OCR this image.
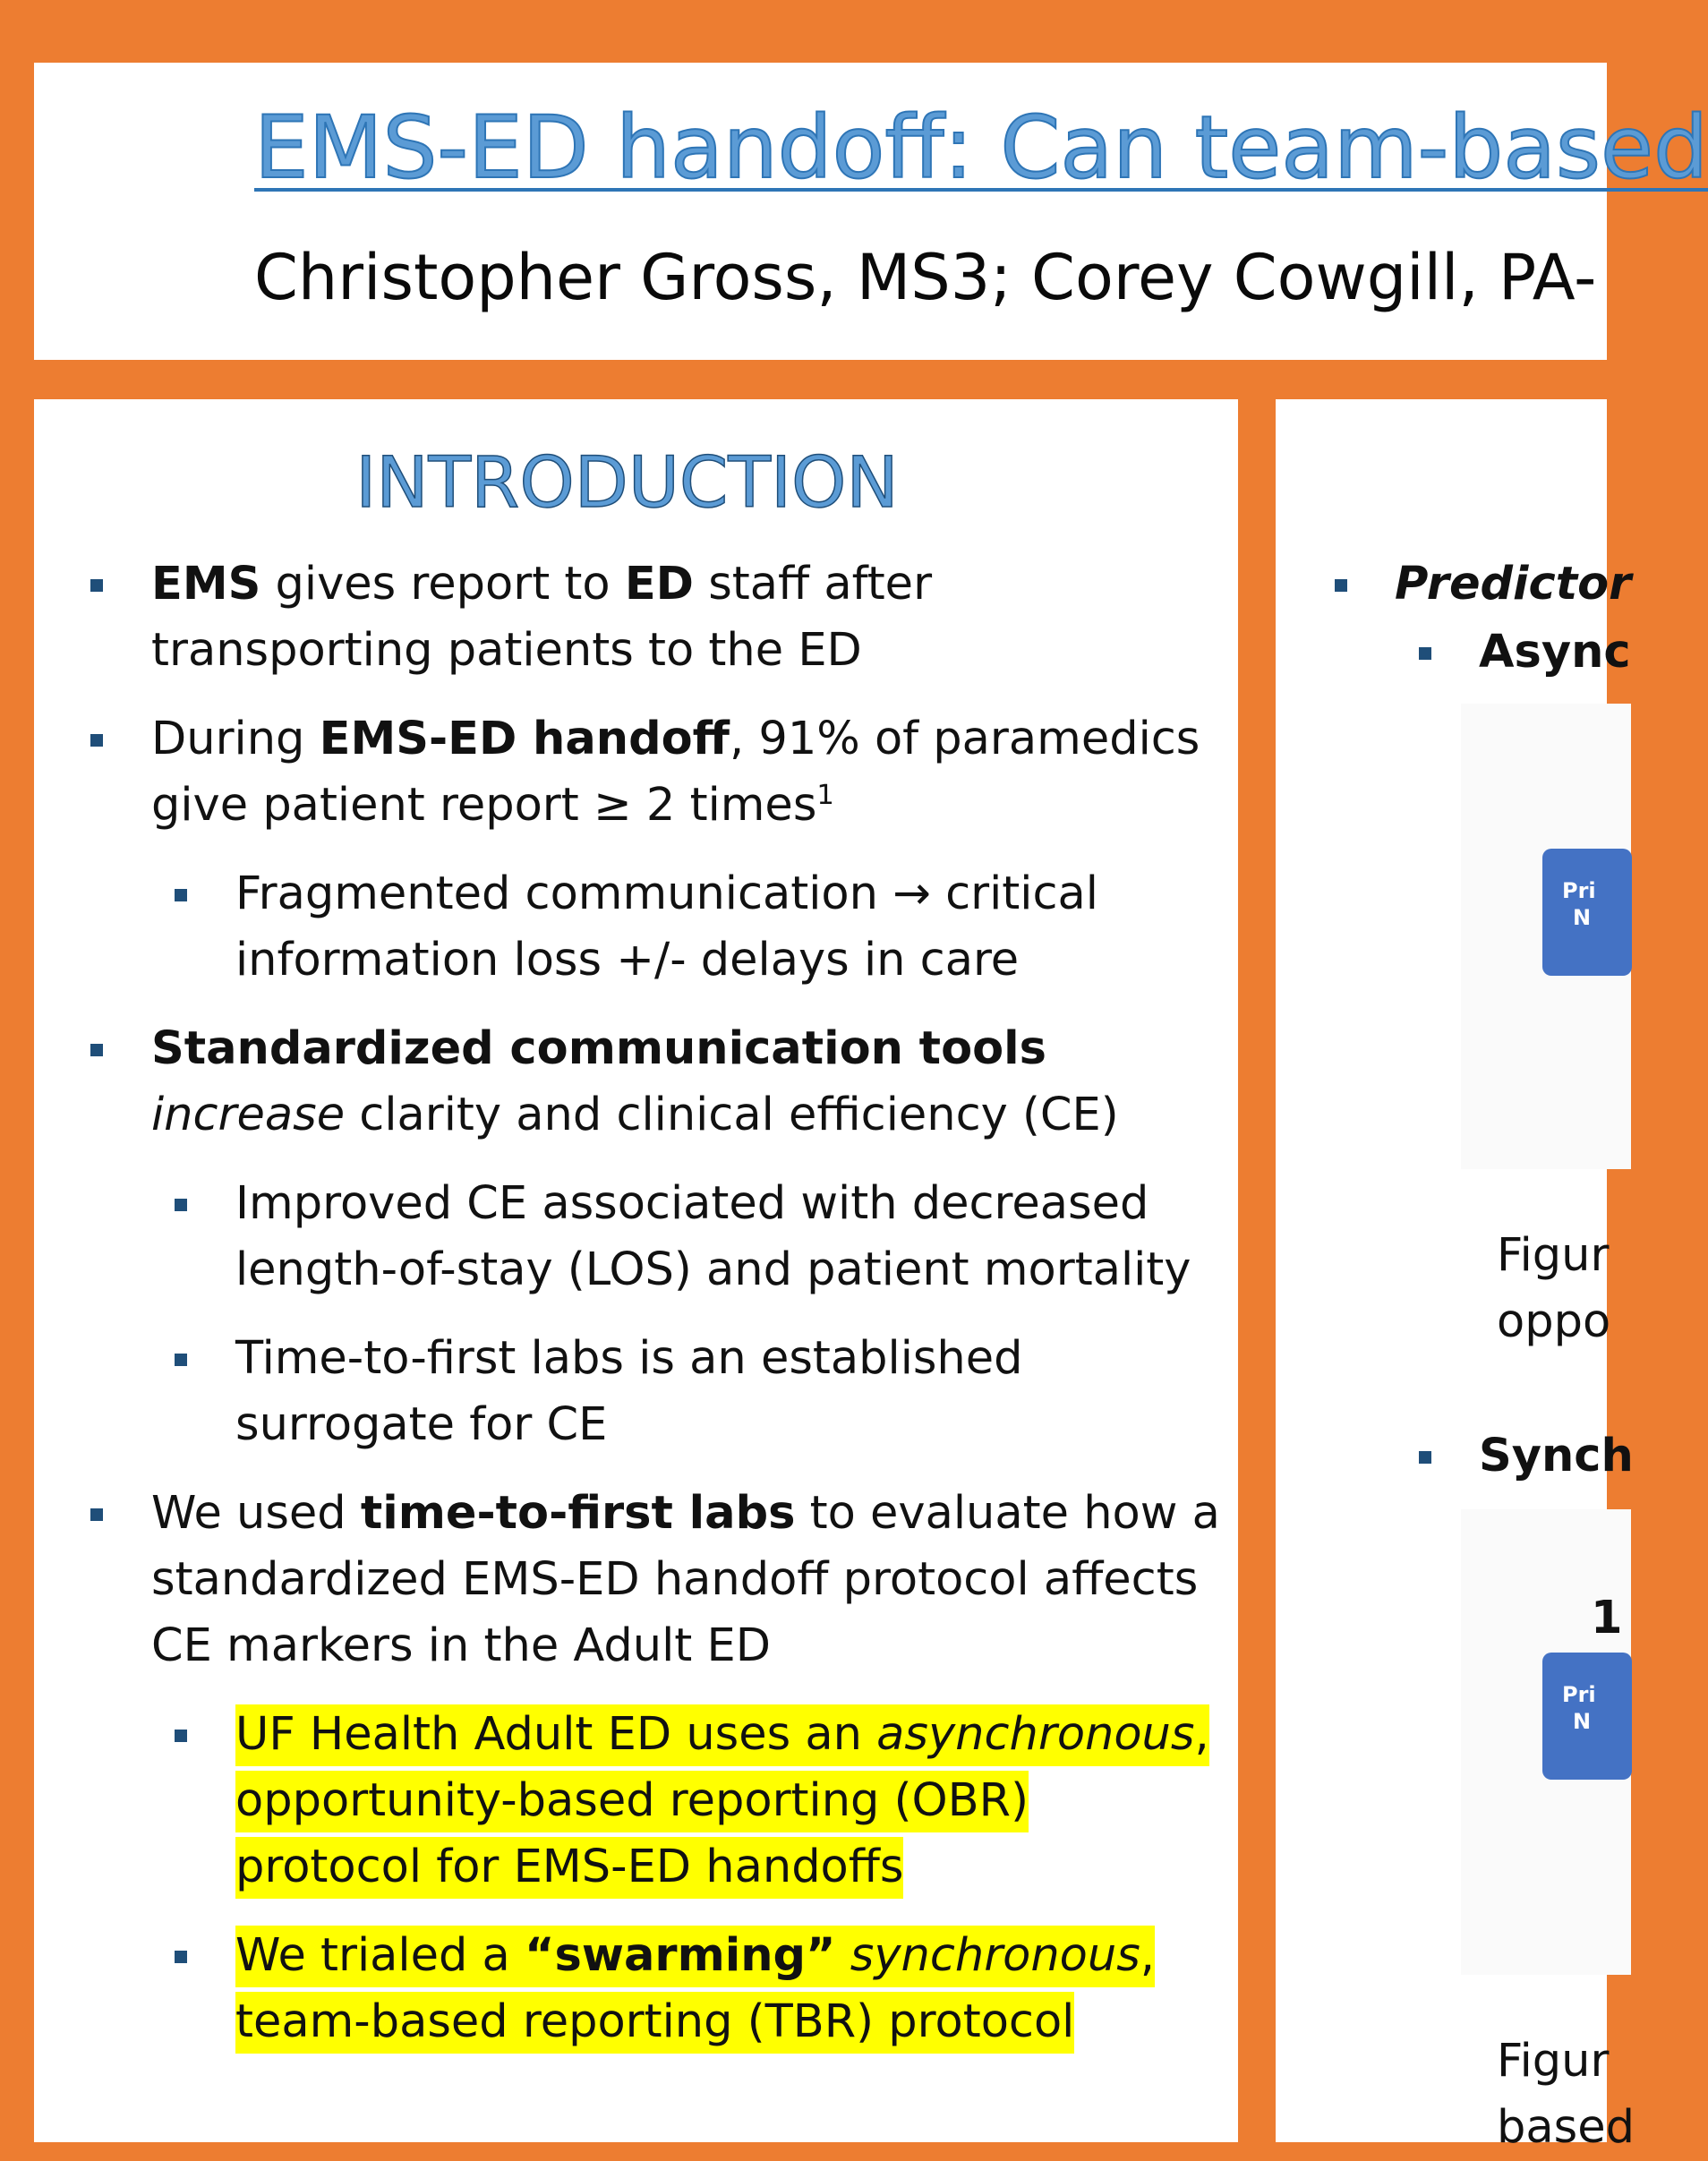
EMS-ED handoff: Can team-based

Christopher Gross, MS3; Corey Cowgill, PA-

INTRODUCTION
EMS gives report to ED staff after transporting patients to the ED
During EMS-ED handoff, 91% of paramedics give patient report ≥ 2 times$^1$
Fragmented communication → critical information loss +/- delays in care
Standardized communication tools increase clarity and clinical efficiency (CE)
Improved CE associated with decreased length-of-stay (LOS) and patient mortality
Time-to-first labs is an established surrogate for CE
We used time-to-first labs to evaluate how a standardized EMS-ED handoff protocol affects CE markers in the Adult ED
UF Health Adult ED uses an asynchronous, opportunity-based reporting (OBR) protocol for EMS-ED handoffs
We trialed a “swarming” synchronous, team-based reporting (TBR) protocol
Predictor
Async
Figur
oppo
Synch
Figur
based
Pri
N
1
Pri
N
